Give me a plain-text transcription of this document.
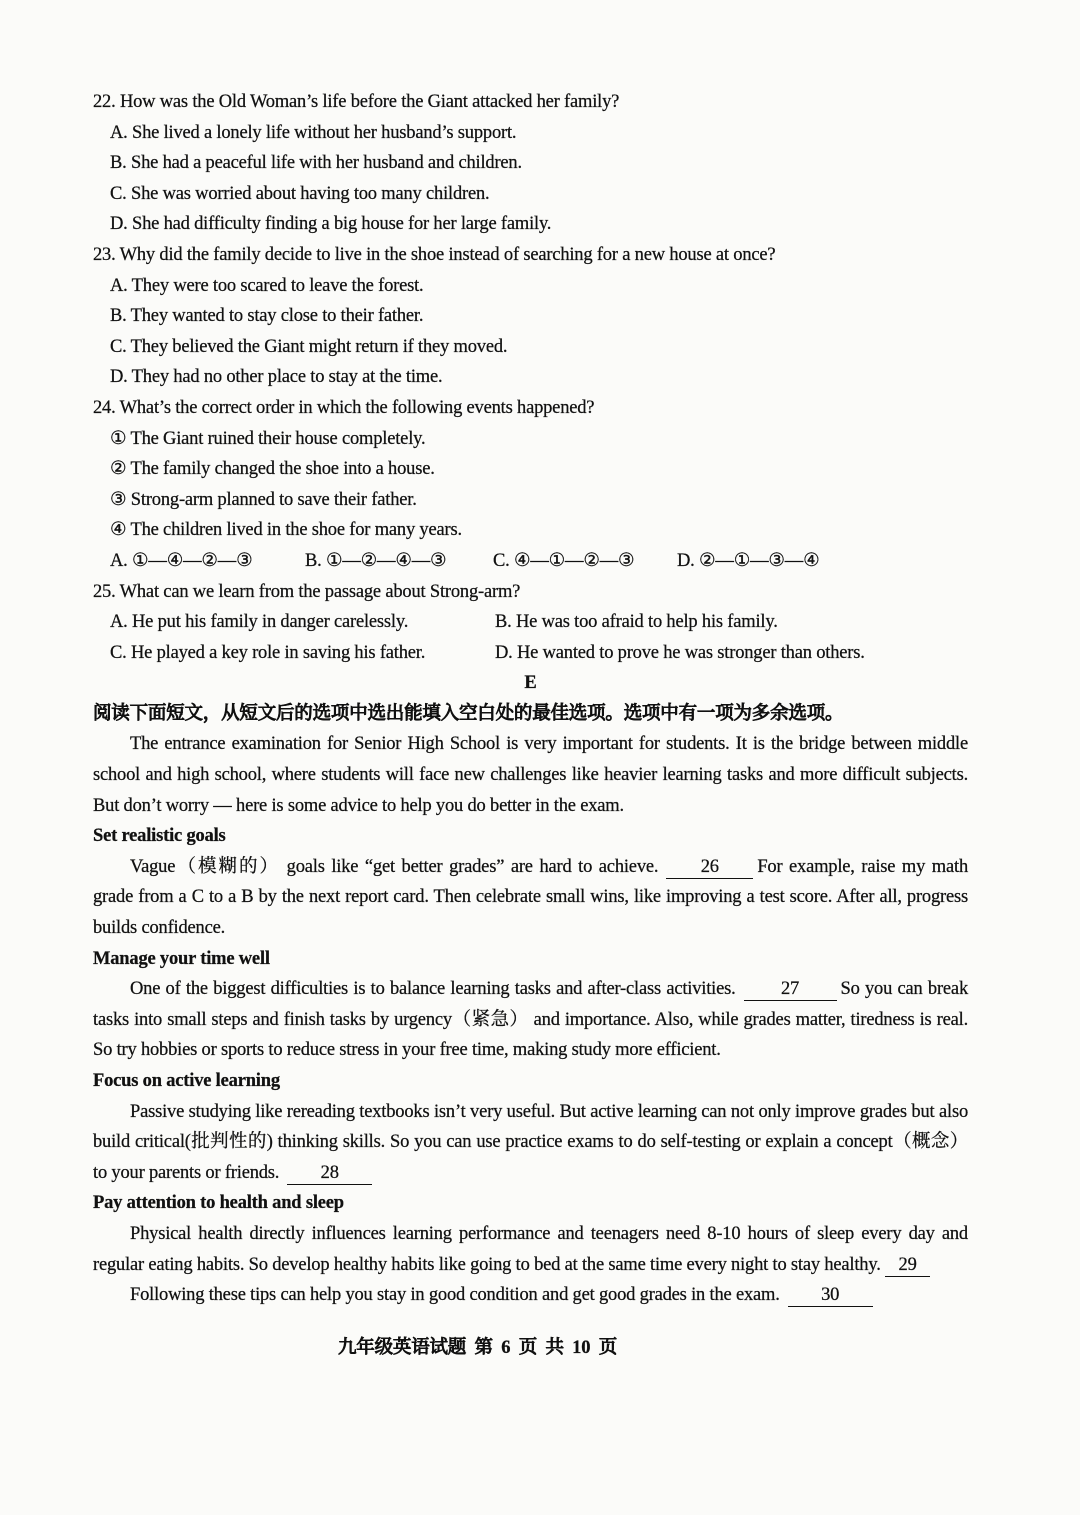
22. How was the Old Woman’s life before the Giant attacked her family?
A. She lived a lonely life without her husband’s support.
B. She had a peaceful life with her husband and children.
C. She was worried about having too many children.
D. She had difficulty finding a big house for her large family.
23. Why did the family decide to live in the shoe instead of searching for a new house at once?
A. They were too scared to leave the forest.
B. They wanted to stay close to their father.
C. They believed the Giant might return if they moved.
D. They had no other place to stay at the time.
24. What’s the correct order in which the following events happened?
① The Giant ruined their house completely.
② The family changed the shoe into a house.
③ Strong-arm planned to save their father.
④ The children lived in the shoe for many years.
A. ①—④—②—③	B. ①—②—④—③	C. ④—①—②—③ D. ②—①—③—④
25. What can we learn from the passage about Strong-arm?
A. He put his family in danger carelessly.	B. He was too afraid to help his family.
C. He played a key role in saving his father.	D. He wanted to prove he was stronger than others.
E
阅读下面短文，从短文后的选项中选出能填入空白处的最佳选项。选项中有一项为多余选项。

The entrance examination for Senior High School is very important for students. It is the bridge between middle school and high school, where students will face new challenges like heavier learning tasks and more difficult subjects. But don’t worry — here is some advice to help you do better in the exam.

Set realistic goals

Vague（模糊的） goals like “get better grades” are hard to achieve. 26 For example, raise my math grade from a C to a B by the next report card. Then celebrate small wins, like improving a test score. After all, progress builds confidence.

Manage your time well

One of the biggest difficulties is to balance learning tasks and after-class activities. 27 So you can break tasks into small steps and finish tasks by urgency（紧急） and importance. Also, while grades matter, tiredness is real. So try hobbies or sports to reduce stress in your free time, making study more efficient.

Focus on active learning

Passive studying like rereading textbooks isn’t very useful. But active learning can not only improve grades but also build critical(批判性的) thinking skills. So you can use practice exams to do self-testing or explain a concept（概念） to your parents or friends. 28

Pay attention to health and sleep

Physical health directly influences learning performance and teenagers need 8-10 hours of sleep every day and regular eating habits. So develop healthy habits like going to bed at the same time every night to stay healthy. 29

Following these tips can help you stay in good condition and get good grades in the exam. 30

九年级英语试题 第 6 页 共 10 页
